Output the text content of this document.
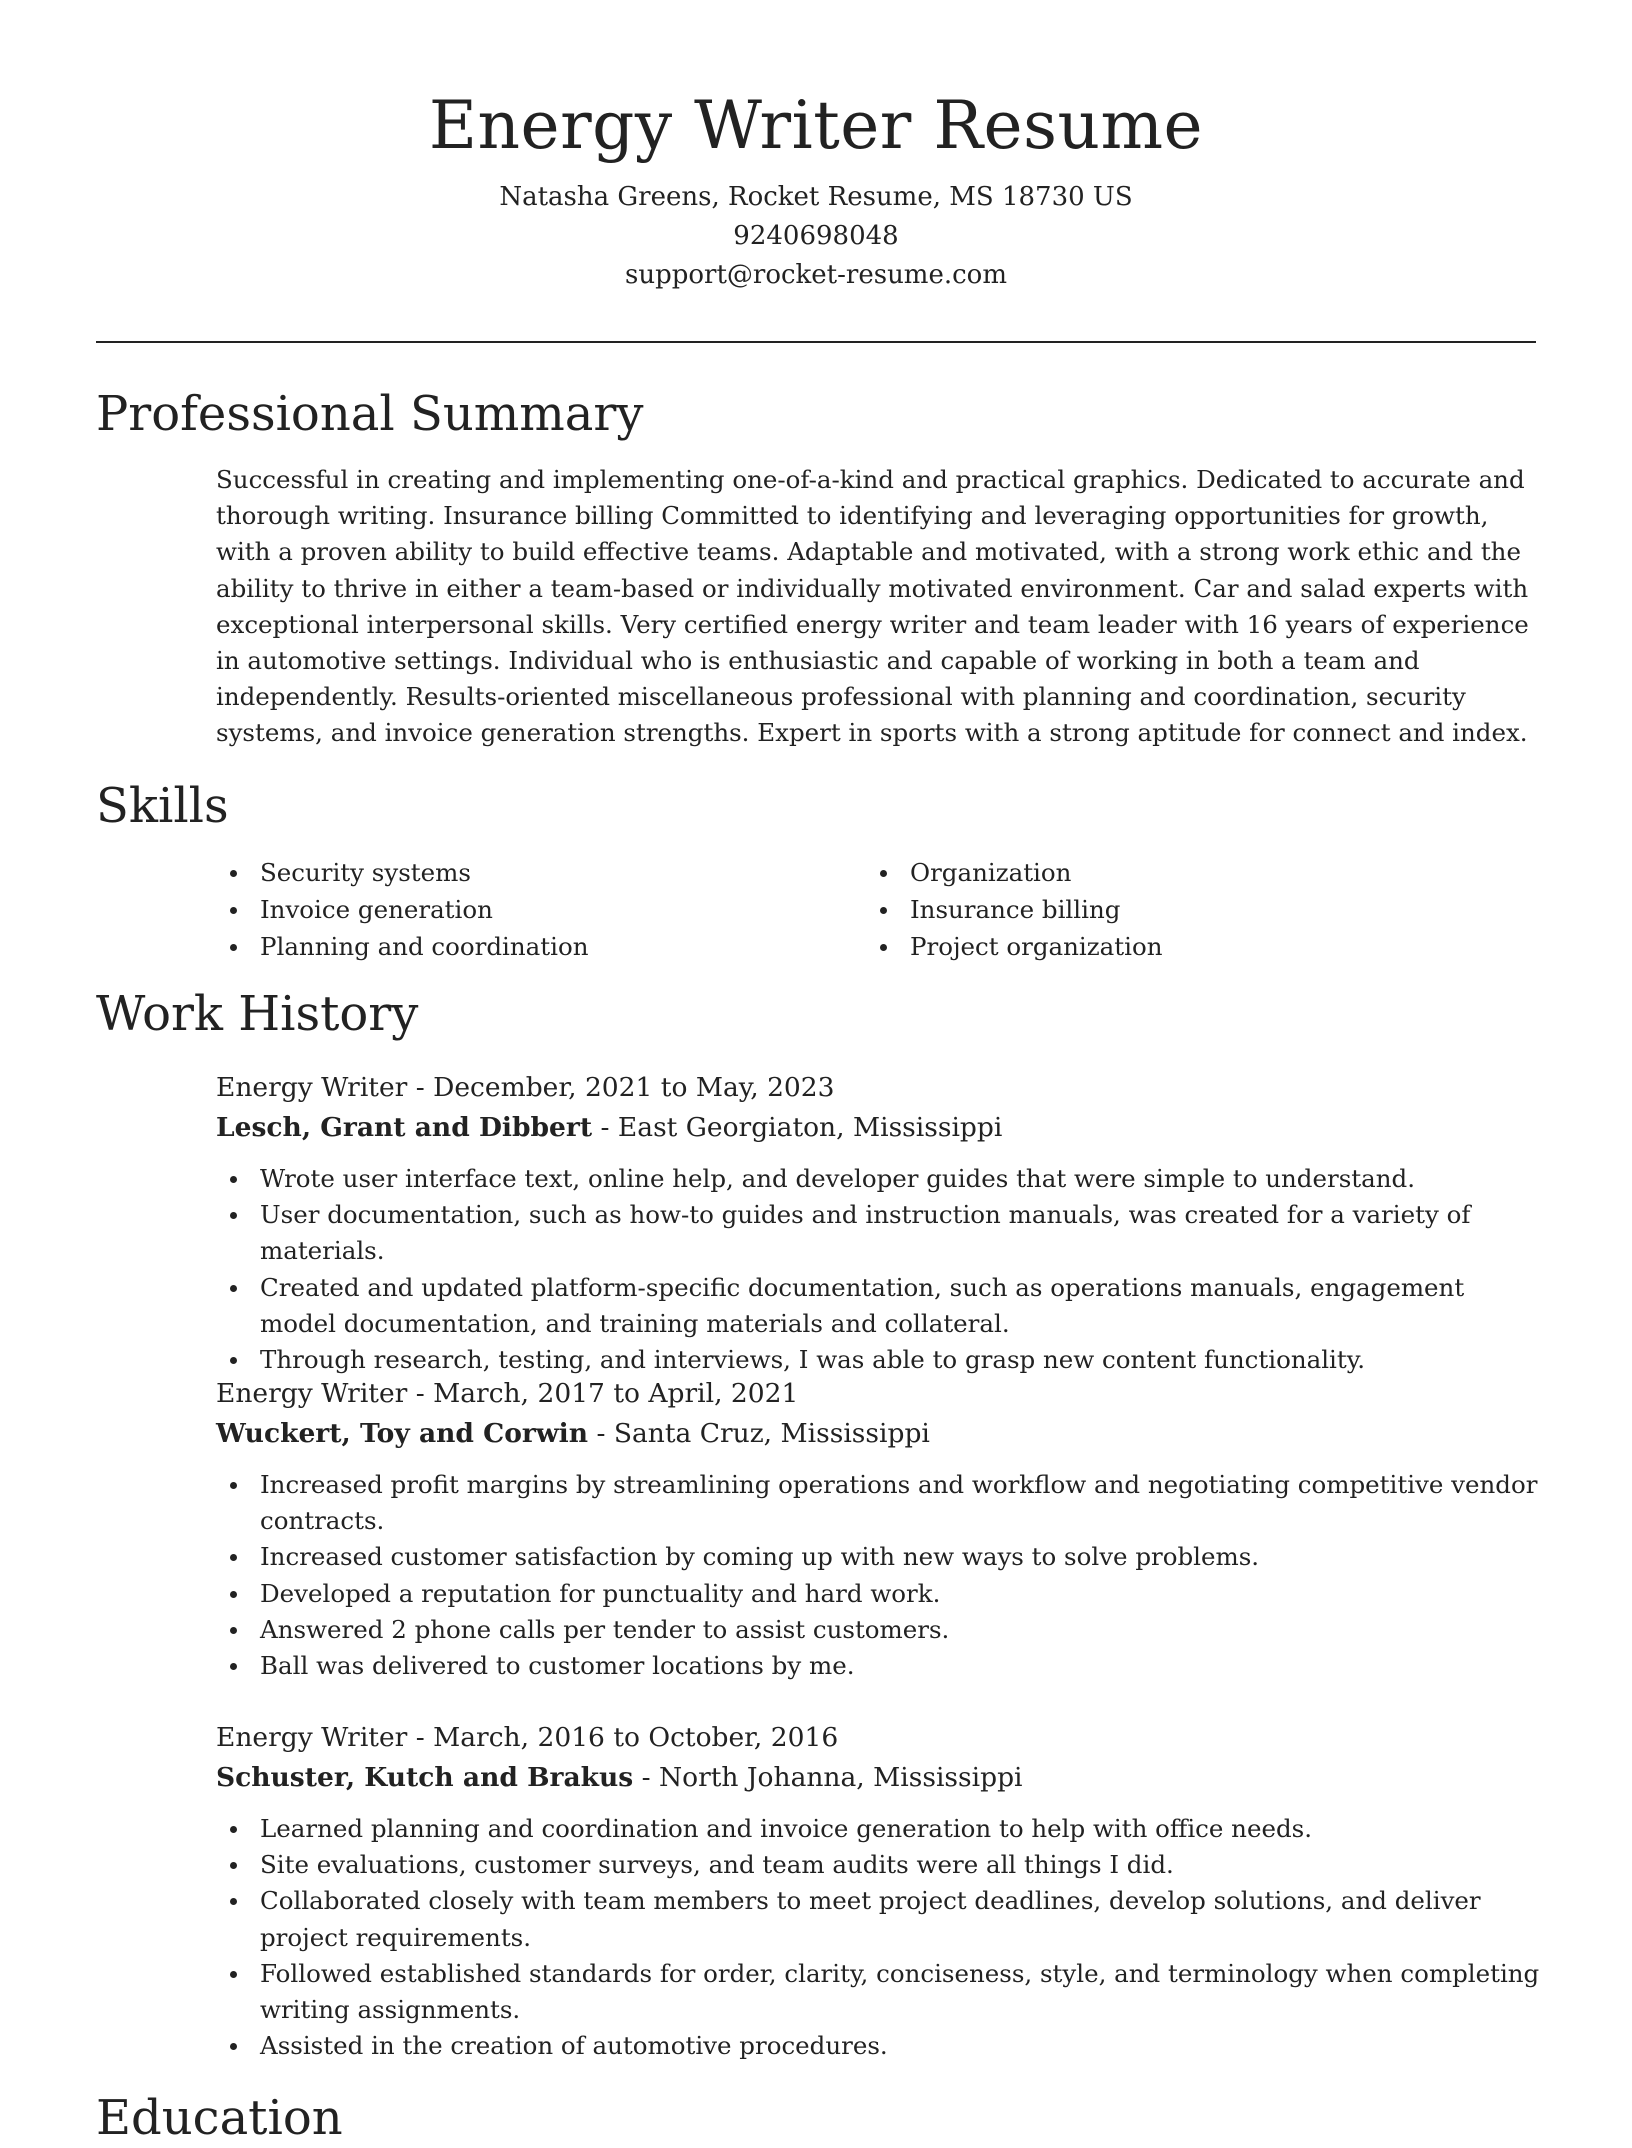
Energy Writer Resume
Natasha Greens, Rocket Resume, MS 18730 US
9240698048
support@rocket-resume.com
Professional Summary
Successful in creating and implementing one-of-a-kind and practical graphics. Dedicated to accurate and thorough writing. Insurance billing Committed to identifying and leveraging opportunities for growth, with a proven ability to build effective teams. Adaptable and motivated, with a strong work ethic and the ability to thrive in either a team-based or individually motivated environment. Car and salad experts with exceptional interpersonal skills. Very certified energy writer and team leader with 16 years of experience in automotive settings. Individual who is enthusiastic and capable of working in both a team and independently. Results-oriented miscellaneous professional with planning and coordination, security systems, and invoice generation strengths. Expert in sports with a strong aptitude for connect and index.
Skills
Security systems
Invoice generation
Planning and coordination
Organization
Insurance billing
Project organization
Work History
Energy Writer - December, 2021 to May, 2023
Lesch, Grant and Dibbert - East Georgiaton, Mississippi
Wrote user interface text, online help, and developer guides that were simple to understand.
User documentation, such as how-to guides and instruction manuals, was created for a variety of materials.
Created and updated platform-specific documentation, such as operations manuals, engagement model documentation, and training materials and collateral.
Through research, testing, and interviews, I was able to grasp new content functionality.
Energy Writer - March, 2017 to April, 2021
Wuckert, Toy and Corwin - Santa Cruz, Mississippi
Increased profit margins by streamlining operations and workflow and negotiating competitive vendor contracts.
Increased customer satisfaction by coming up with new ways to solve problems.
Developed a reputation for punctuality and hard work.
Answered 2 phone calls per tender to assist customers.
Ball was delivered to customer locations by me.
Energy Writer - March, 2016 to October, 2016
Schuster, Kutch and Brakus - North Johanna, Mississippi
Learned planning and coordination and invoice generation to help with office needs.
Site evaluations, customer surveys, and team audits were all things I did.
Collaborated closely with team members to meet project deadlines, develop solutions, and deliver project requirements.
Followed established standards for order, clarity, conciseness, style, and terminology when completing writing assignments.
Assisted in the creation of automotive procedures.
Education
